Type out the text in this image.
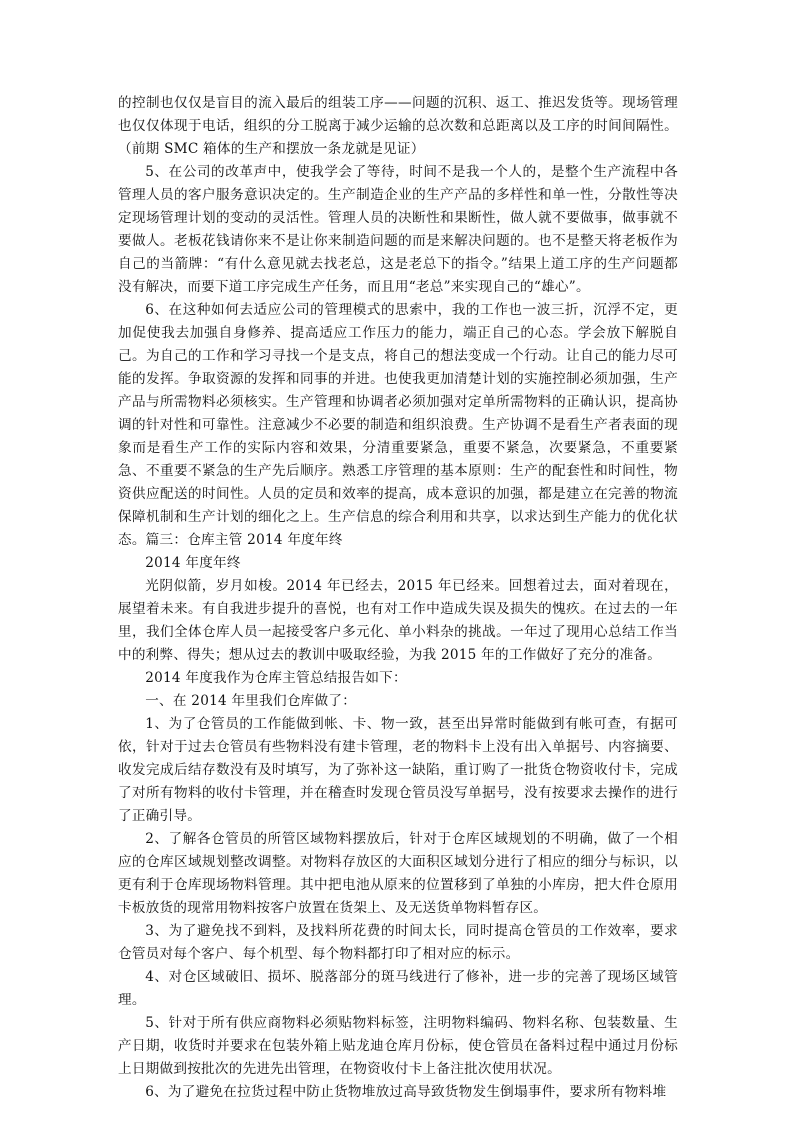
的控制也仅仅是盲目的流入最后的组装工序——问题的沉积、返工、推迟发货等。现场管理也仅仅体现于电话，组织的分工脱离于减少运输的总次数和总距离以及工序的时间间隔性。（前期 SMC 箱体的生产和摆放一条龙就是见证）

5、在公司的改革声中，使我学会了等待，时间不是我一个人的，是整个生产流程中各管理人员的客户服务意识决定的。生产制造企业的生产产品的多样性和单一性，分散性等决定现场管理计划的变动的灵活性。管理人员的决断性和果断性，做人就不要做事，做事就不要做人。老板花钱请你来不是让你来制造问题的而是来解决问题的。也不是整天将老板作为自己的当箭牌：“有什么意见就去找老总，这是老总下的指令。”结果上道工序的生产问题都没有解决，而要下道工序完成生产任务，而且用“老总”来实现自己的“雄心”。

6、在这种如何去适应公司的管理模式的思索中，我的工作也一波三折，沉浮不定，更加促使我去加强自身修养、提高适应工作压力的能力，端正自己的心态。学会放下解脱自己。为自己的工作和学习寻找一个是支点，将自己的想法变成一个行动。让自己的能力尽可能的发挥。争取资源的发挥和同事的并进。也使我更加清楚计划的实施控制必须加强，生产产品与所需物料必须核实。生产管理和协调者必须加强对定单所需物料的正确认识，提高协调的针对性和可靠性。注意减少不必要的制造和组织浪费。生产协调不是看生产者表面的现象而是看生产工作的实际内容和效果，分清重要紧急，重要不紧急，次要紧急，不重要紧急、不重要不紧急的生产先后顺序。熟悉工序管理的基本原则：生产的配套性和时间性，物资供应配送的时间性。人员的定员和效率的提高，成本意识的加强，都是建立在完善的物流保障机制和生产计划的细化之上。生产信息的综合利用和共享，以求达到生产能力的优化状态。篇三：仓库主管 2014 年度年终

2014 年度年终

光阴似箭，岁月如梭。2014 年已经去，2015 年已经来。回想着过去，面对着现在，展望着未来。有自我进步提升的喜悦，也有对工作中造成失误及损失的愧疚。在过去的一年里，我们全体仓库人员一起接受客户多元化、单小料杂的挑战。一年过了现用心总结工作当中的利弊、得失；想从过去的教训中吸取经验，为我 2015 年的工作做好了充分的准备。

2014 年度我作为仓库主管总结报告如下：

一、在 2014 年里我们仓库做了：

1、为了仓管员的工作能做到帐、卡、物一致，甚至出异常时能做到有帐可查，有据可依，针对于过去仓管员有些物料没有建卡管理，老的物料卡上没有出入单据号、内容摘要、收发完成后结存数没有及时填写，为了弥补这一缺陷，重订购了一批货仓物资收付卡，完成了对所有物料的收付卡管理，并在稽查时发现仓管员没写单据号，没有按要求去操作的进行了正确引导。

2、了解各仓管员的所管区域物料摆放后，针对于仓库区域规划的不明确，做了一个相应的仓库区域规划整改调整。对物料存放区的大面积区域划分进行了相应的细分与标识，以更有利于仓库现场物料管理。其中把电池从原来的位置移到了单独的小库房，把大件仓原用卡板放货的现常用物料按客户放置在货架上、及无送货单物料暂存区。

3、为了避免找不到料，及找料所花费的时间太长，同时提高仓管员的工作效率，要求仓管员对每个客户、每个机型、每个物料都打印了相对应的标示。

4、对仓区域破旧、损坏、脱落部分的斑马线进行了修补，进一步的完善了现场区域管理。

5、针对于所有供应商物料必须贴物料标签，注明物料编码、物料名称、包装数量、生产日期，收货时并要求在包装外箱上贴龙迪仓库月份标，使仓管员在备料过程中通过月份标上日期做到按批次的先进先出管理，在物资收付卡上备注批次使用状况。

6、为了避免在拉货过程中防止货物堆放过高导致货物发生倒塌事件，要求所有物料堆
